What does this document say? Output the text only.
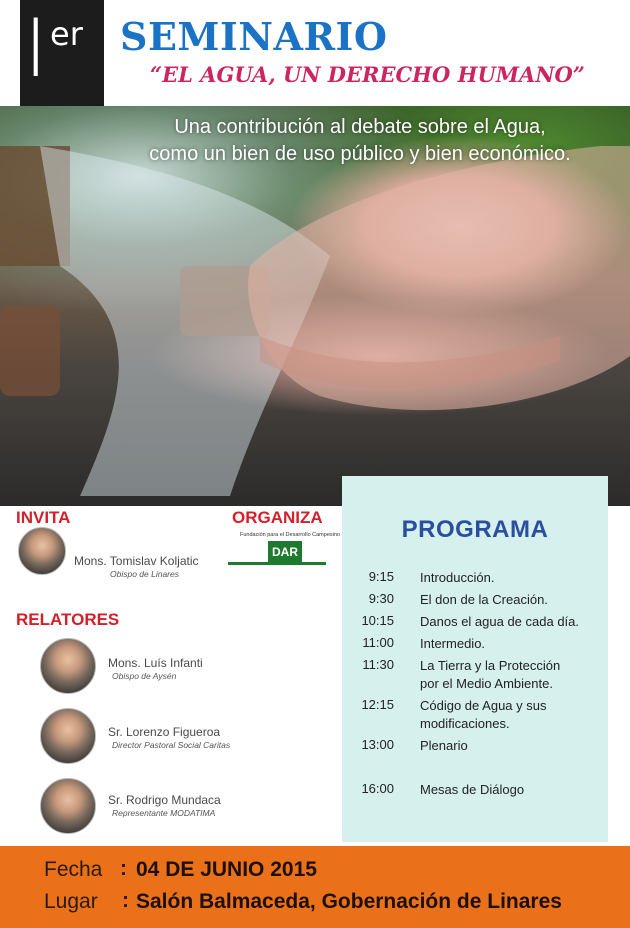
I er SEMINARIO
“EL AGUA, UN DERECHO HUMANO”
Una contribución al debate sobre el Agua,
como un bien de uso público y bien económico.
INVITA
Mons. Tomislav Koljatic
Obispo de Linares
ORGANIZA
Fundación para el Desarrollo Campesino
DAR
RELATORES
Mons. Luís Infanti
Obispo de Aysén
Sr. Lorenzo Figueroa
Director Pastoral Social Caritas
Sr. Rodrigo Mundaca
Representante MODATIMA
PROGRAMA
9:15 Introducción.
9:30 El don de la Creación.
10:15 Danos el agua de cada día.
11:00 Intermedio.
11:30 La Tierra y la Protección
por el Medio Ambiente.
12:15 Código de Agua y sus
modificaciones.
13:00 Plenario
16:00 Mesas de Diálogo
Fecha : 04 DE JUNIO 2015
Lugar : Salón Balmaceda, Gobernación de Linares
